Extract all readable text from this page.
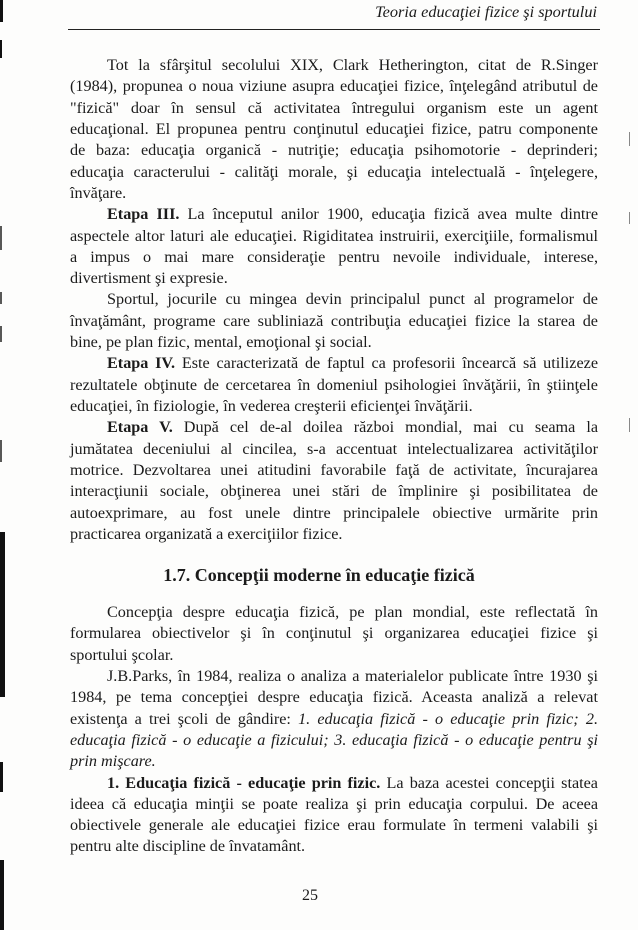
Teoria educaţiei fizice şi sportului
Tot la sfârşitul secolului XIX, Clark Hetherington, citat de R.Singer
(1984), propunea o noua viziune asupra educaţiei fizice, înţelegând atributul de
"fizică" doar în sensul că activitatea întregului organism este un agent
educaţional. El propunea pentru conţinutul educaţiei fizice, patru componente
de baza: educaţia organică - nutriţie; educaţia psihomotorie - deprinderi;
educaţia caracterului - calităţi morale, şi educaţia intelectuală - înţelegere,
învăţare.
Etapa III. La începutul anilor 1900, educaţia fizică avea multe dintre
aspectele altor laturi ale educaţiei. Rigiditatea instruirii, exerciţiile, formalismul
a impus o mai mare consideraţie pentru nevoile individuale, interese,
divertisment şi expresie.
Sportul, jocurile cu mingea devin principalul punct al programelor de
învaţământ, programe care subliniază contribuţia educaţiei fizice la starea de
bine, pe plan fizic, mental, emoţional şi social.
Etapa IV. Este caracterizată de faptul ca profesorii încearcă să utilizeze
rezultatele obţinute de cercetarea în domeniul psihologiei învăţării, în ştiinţele
educaţiei, în fiziologie, în vederea creşterii eficienţei învăţării.
Etapa V. După cel de-al doilea război mondial, mai cu seama la
jumătatea deceniului al cincilea, s-a accentuat intelectualizarea activităţilor
motrice. Dezvoltarea unei atitudini favorabile faţă de activitate, încurajarea
interacţiunii sociale, obţinerea unei stări de împlinire şi posibilitatea de
autoexprimare, au fost unele dintre principalele obiective urmărite prin
practicarea organizată a exerciţiilor fizice.
1.7. Concepţii moderne în educaţie fizică
Concepţia despre educaţia fizică, pe plan mondial, este reflectată în
formularea obiectivelor şi în conţinutul şi organizarea educaţiei fizice şi
sportului şcolar.
J.B.Parks, în 1984, realiza o analiza a materialelor publicate între 1930 şi
1984, pe tema concepţiei despre educaţia fizică. Aceasta analiză a relevat
existenţa a trei şcoli de gândire: 1. educaţia fizică - o educaţie prin fizic; 2.
educaţia fizică - o educaţie a fizicului; 3. educaţia fizică - o educaţie pentru şi
prin mişcare.
1. Educaţia fizică - educaţie prin fizic. La baza acestei concepţii statea
ideea că educaţia minţii se poate realiza şi prin educaţia corpului. De aceea
obiectivele generale ale educaţiei fizice erau formulate în termeni valabili şi
pentru alte discipline de învatamânt.
25
